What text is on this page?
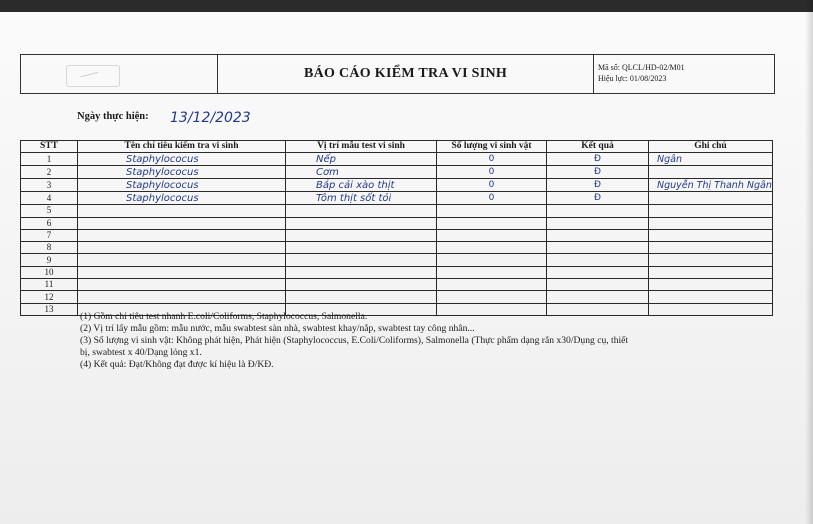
BÁO CÁO KIỂM TRA VI SINH	Mã số: QLCL/HD-02/M01
Hiệu lực: 01/08/2023
Ngày thực hiện: 13/12/2023
STT	Tên chỉ tiêu kiểm tra vi sinh	Vị trí mẫu test vi sinh	Số lượng vi sinh vật	Kết quả	Ghi chú
1	Staphylococus	Nếp	0	Đ	Ngân
2	Staphylococus	Cơm	0	Đ	
3	Staphylococus	Bắp cải xào thịt	0	Đ	Nguyễn Thị Thanh Ngân
4	Staphylococus	Tôm thịt sốt tỏi	0	Đ	
5					
6					
7					
8					
9					
10					
11					
12					
13					

(1) Gồm chỉ tiêu test nhanh E.coli/Coliforms, Staphylococcus, Salmonella.

(2) Vị trí lấy mẫu gồm: mẫu nước, mẫu swabtest sàn nhà, swabtest khay/nắp, swabtest tay công nhân...

(3) Số lượng vi sinh vật: Không phát hiện, Phát hiện (Staphylococcus, E.Coli/Coliforms), Salmonella (Thực phẩm dạng rắn x30/Dụng cụ, thiết

bị, swabtest x 40/Dạng lỏng x1.

(4) Kết quả: Đạt/Không đạt được kí hiệu là Đ/KĐ.
